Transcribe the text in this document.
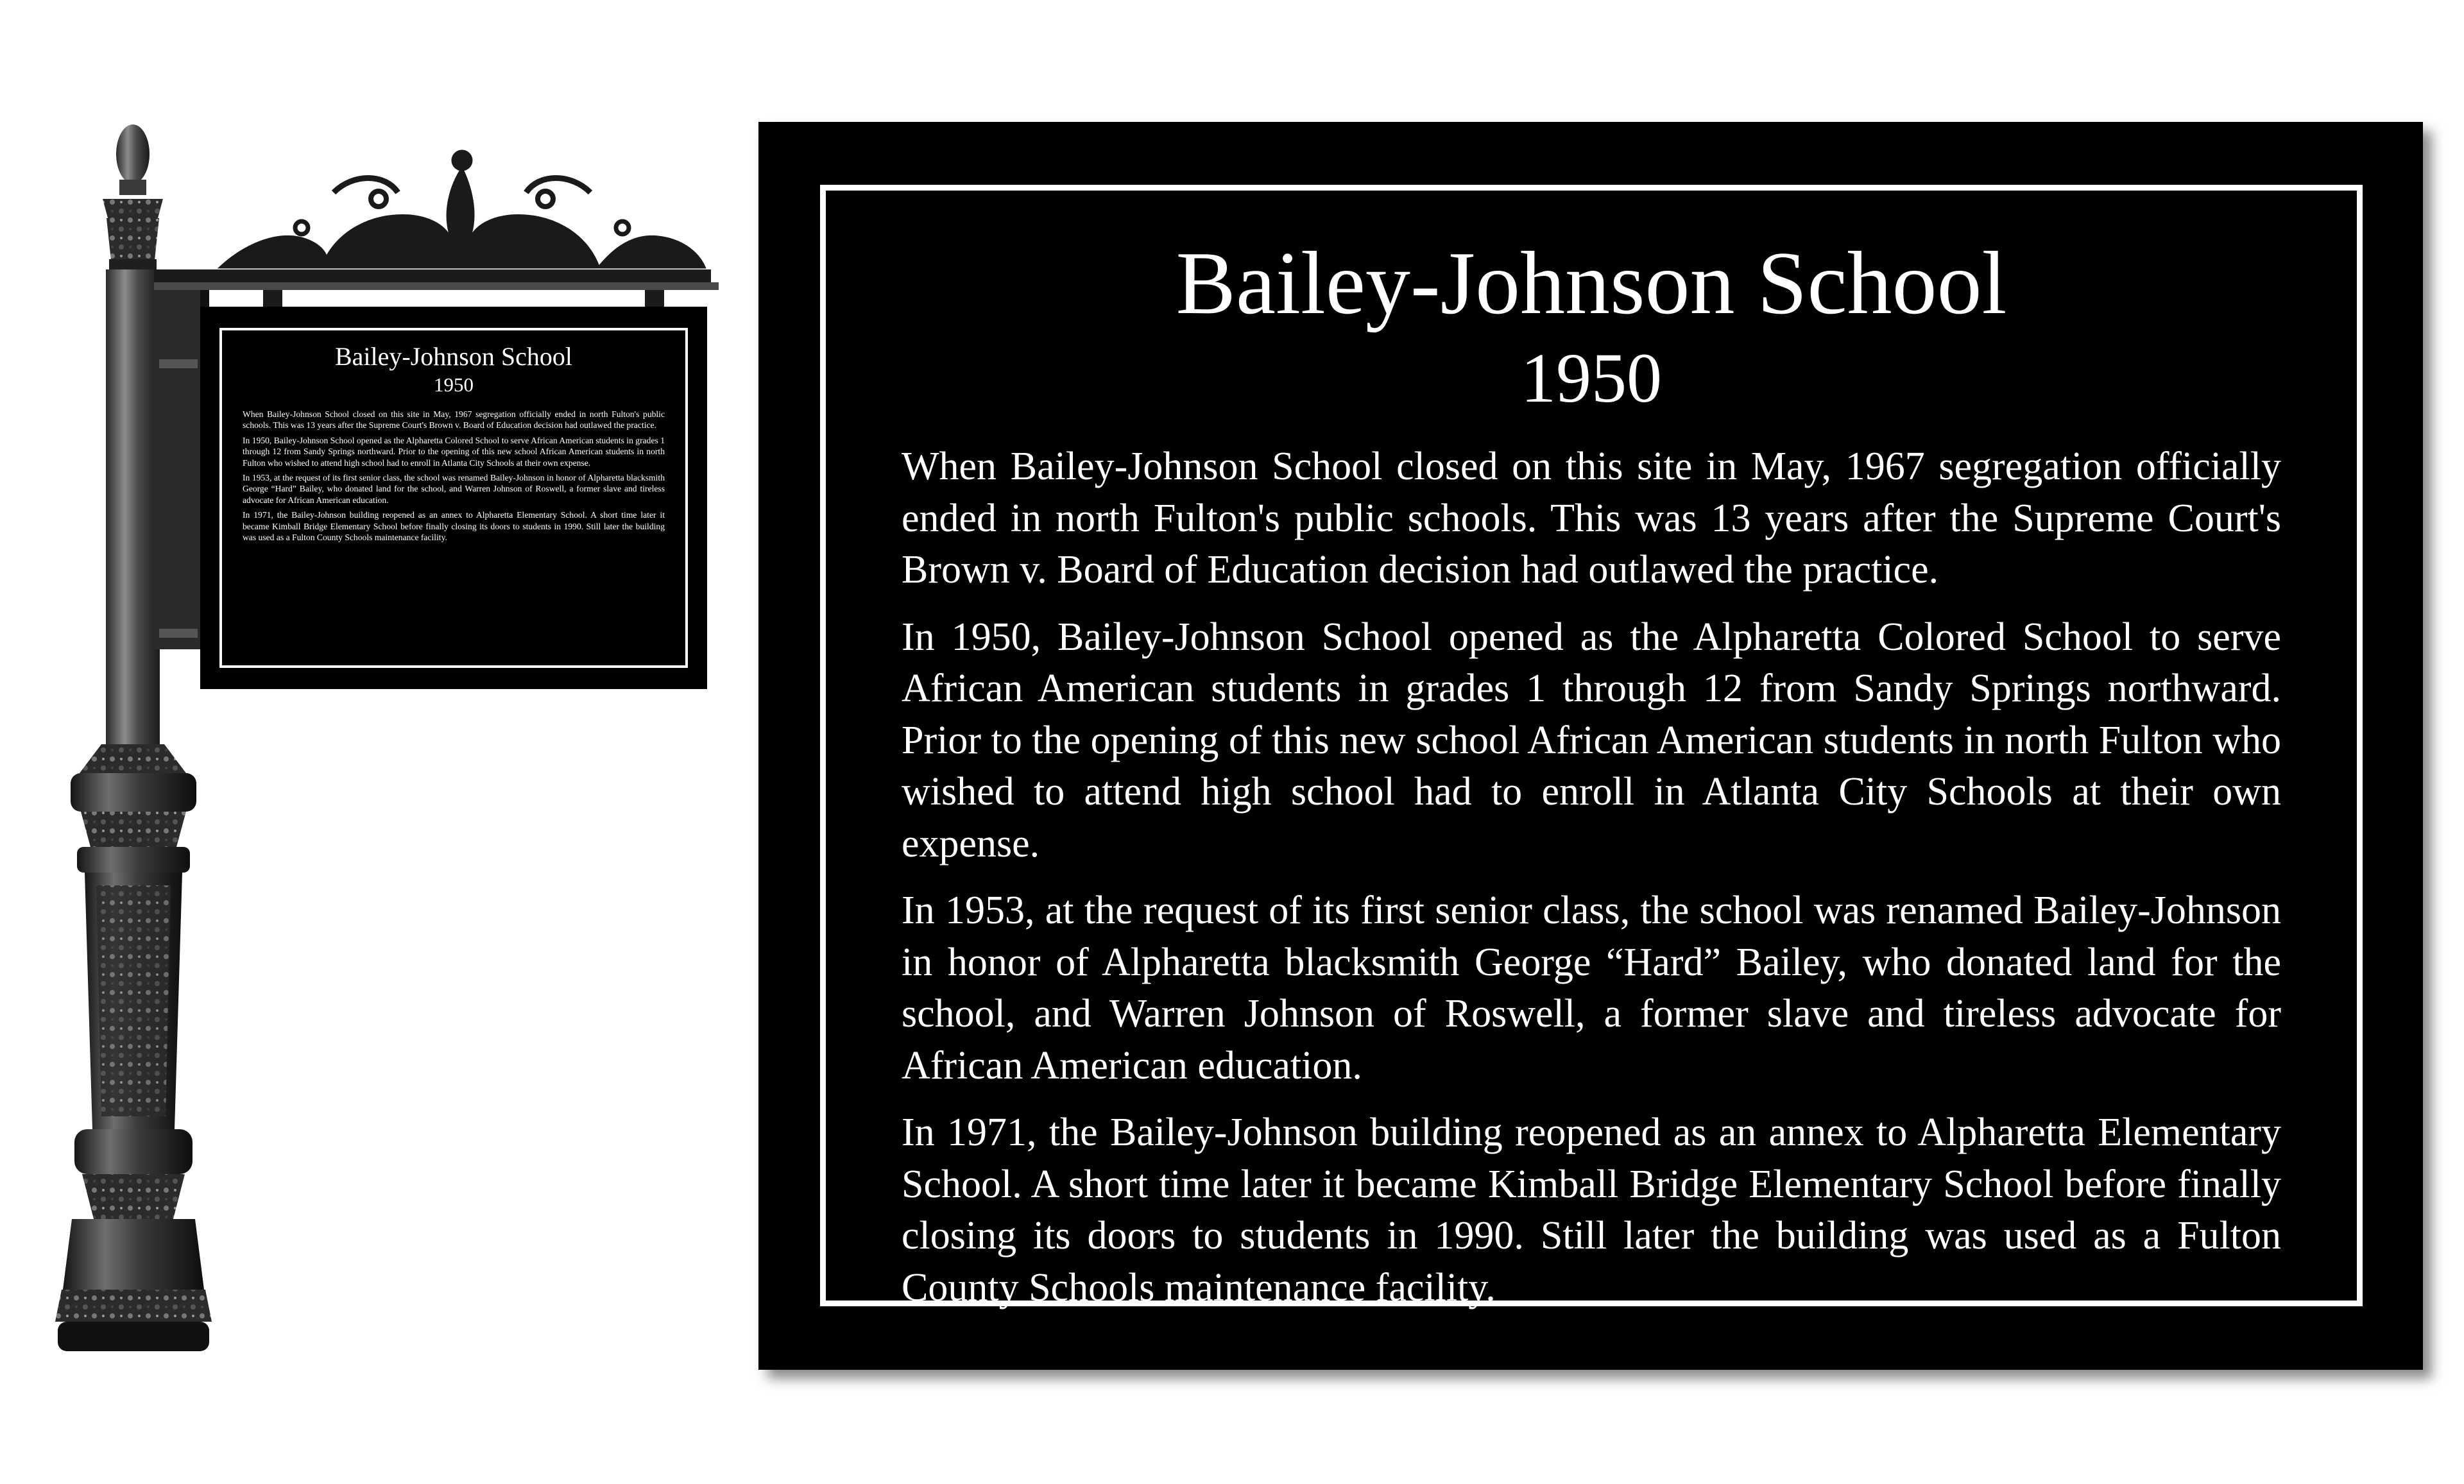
Bailey-Johnson School

1950

When Bailey-Johnson School closed on this site in May, 1967 segregation officially ended in north Fulton's public schools. This was 13 years after the Supreme Court's Brown v. Board of Education decision had outlawed the practice.

In 1950, Bailey-Johnson School opened as the Alpharetta Colored School to serve African American students in grades 1 through 12 from Sandy Springs northward. Prior to the opening of this new school African American students in north Fulton who wished to attend high school had to enroll in Atlanta City Schools at their own expense.

In 1953, at the request of its first senior class, the school was renamed Bailey-Johnson in honor of Alpharetta blacksmith George “Hard” Bailey, who donated land for the school, and Warren Johnson of Roswell, a former slave and tireless advocate for African American education.

In 1971, the Bailey-Johnson building reopened as an annex to Alpharetta Elementary School. A short time later it became Kimball Bridge Elementary School before finally closing its doors to students in 1990. Still later the building was used as a Fulton County Schools maintenance facility.

Bailey-Johnson School

1950

When Bailey-Johnson School closed on this site in May, 1967 segregation officially ended in north Fulton's public schools. This was 13 years after the Supreme Court's Brown v. Board of Education decision had outlawed the practice.

In 1950, Bailey-Johnson School opened as the Alpharetta Colored School to serve African American students in grades 1 through 12 from Sandy Springs northward. Prior to the opening of this new school African American students in north Fulton who wished to attend high school had to enroll in Atlanta City Schools at their own expense.

In 1953, at the request of its first senior class, the school was renamed Bailey-Johnson in honor of Alpharetta blacksmith George “Hard” Bailey, who donated land for the school, and Warren Johnson of Roswell, a former slave and tireless advocate for African American education.

In 1971, the Bailey-Johnson building reopened as an annex to Alpharetta Elementary School. A short time later it became Kimball Bridge Elementary School before finally closing its doors to students in 1990. Still later the building was used as a Fulton County Schools maintenance facility.
